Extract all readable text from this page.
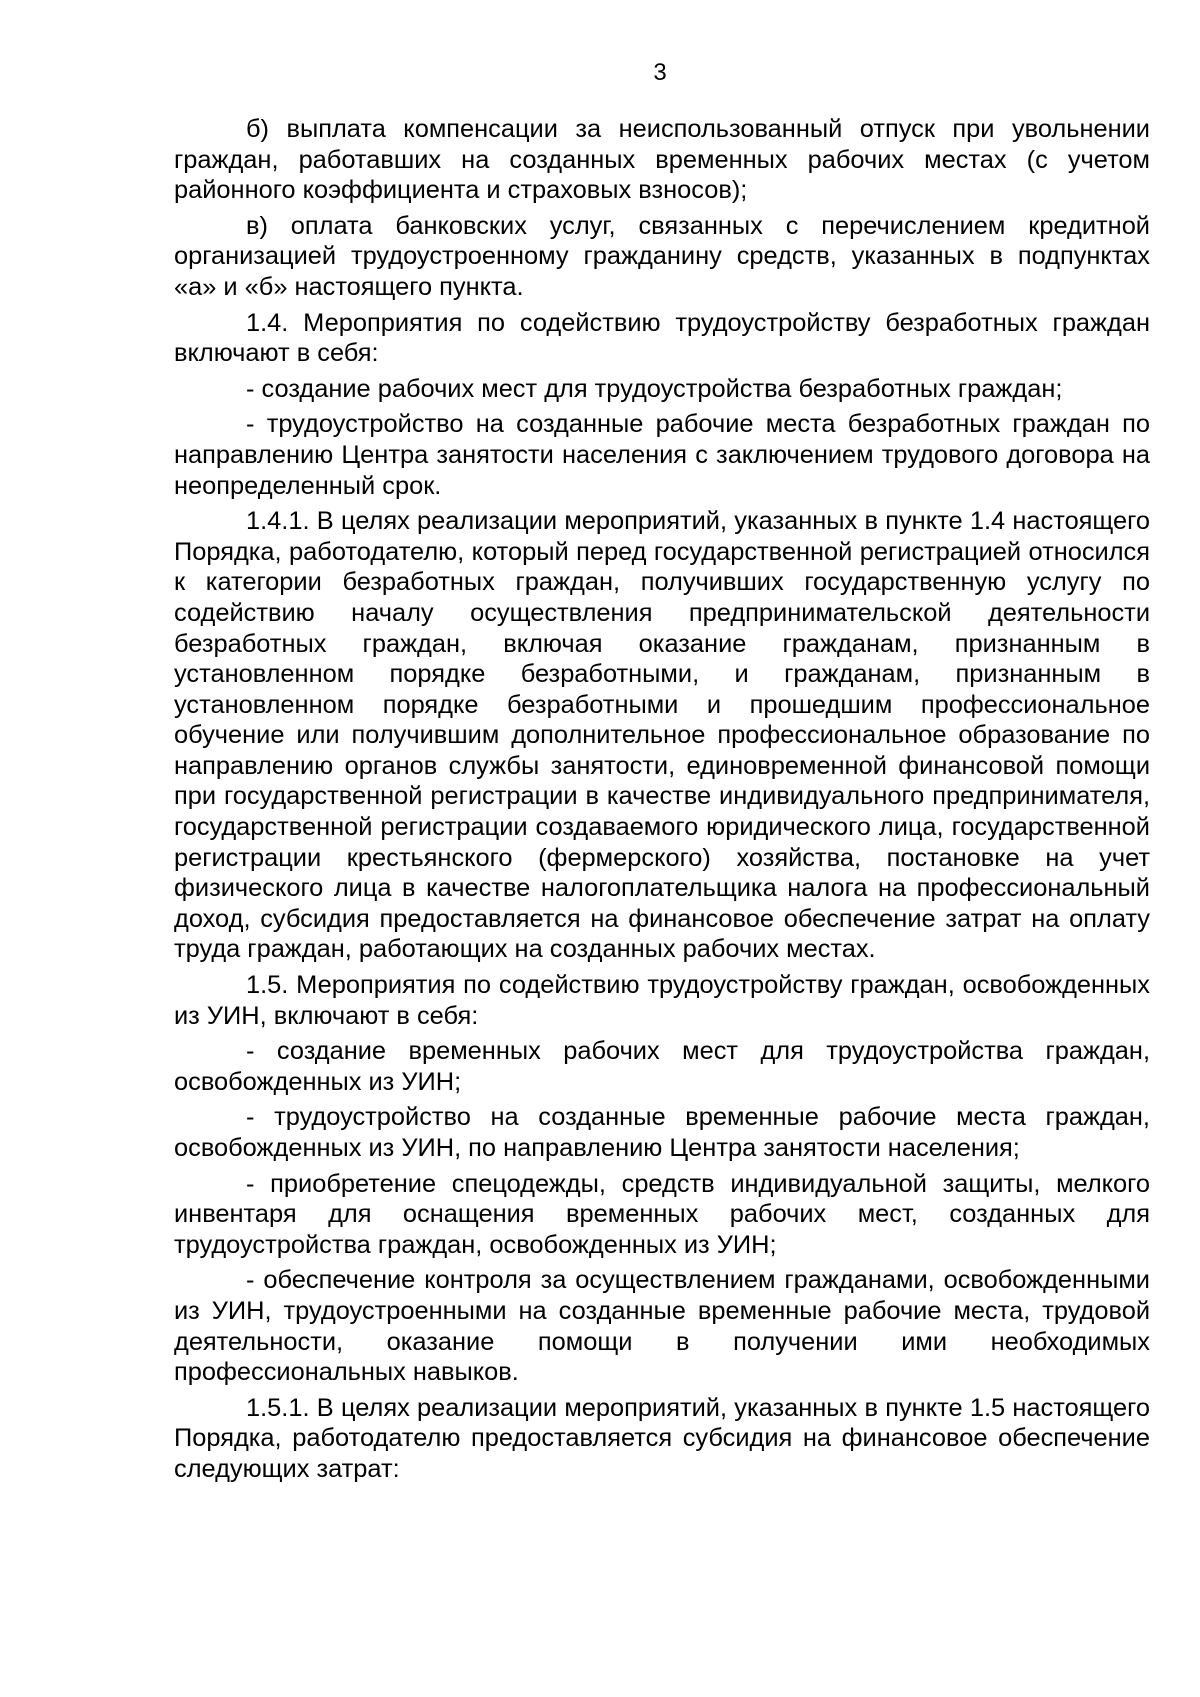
3

б) выплата компенсации за неиспользованный отпуск при увольнении граждан, работавших на созданных временных рабочих местах (с учетом районного коэффициента и страховых взносов);

в) оплата банковских услуг, связанных с перечислением кредитной организацией трудоустроенному гражданину средств, указанных в подпунктах «а» и «б» настоящего пункта.

1.4. Мероприятия по содействию трудоустройству безработных граждан включают в себя:

- создание рабочих мест для трудоустройства безработных граждан;

- трудоустройство на созданные рабочие места безработных граждан по направлению Центра занятости населения с заключением трудового договора на неопределенный срок.

1.4.1. В целях реализации мероприятий, указанных в пункте 1.4 настоящего Порядка, работодателю, который перед государственной регистрацией относился к категории безработных граждан, получивших государственную услугу по содействию началу осуществления предпринимательской деятельности безработных граждан, включая оказание гражданам, признанным в установленном порядке безработными, и гражданам, признанным в установленном порядке безработными и прошедшим профессиональное обучение или получившим дополнительное профессиональное образование по направлению органов службы занятости, единовременной финансовой помощи при государственной регистрации в качестве индивидуального предпринимателя, государственной регистрации создаваемого юридического лица, государственной регистрации крестьянского (фермерского) хозяйства, постановке на учет физического лица в качестве налогоплательщика налога на профессиональный доход, субсидия предоставляется на финансовое обеспечение затрат на оплату труда граждан, работающих на созданных рабочих местах.

1.5. Мероприятия по содействию трудоустройству граждан, освобожденных из УИН, включают в себя:

- создание временных рабочих мест для трудоустройства граждан, освобожденных из УИН;

- трудоустройство на созданные временные рабочие места граждан, освобожденных из УИН, по направлению Центра занятости населения;

- приобретение спецодежды, средств индивидуальной защиты, мелкого инвентаря для оснащения временных рабочих мест, созданных для трудоустройства граждан, освобожденных из УИН;

- обеспечение контроля за осуществлением гражданами, освобожденными из УИН, трудоустроенными на созданные временные рабочие места, трудовой деятельности, оказание помощи в получении ими необходимых профессиональных навыков.

1.5.1. В целях реализации мероприятий, указанных в пункте 1.5 настоящего Порядка, работодателю предоставляется субсидия на финансовое обеспечение следующих затрат:
